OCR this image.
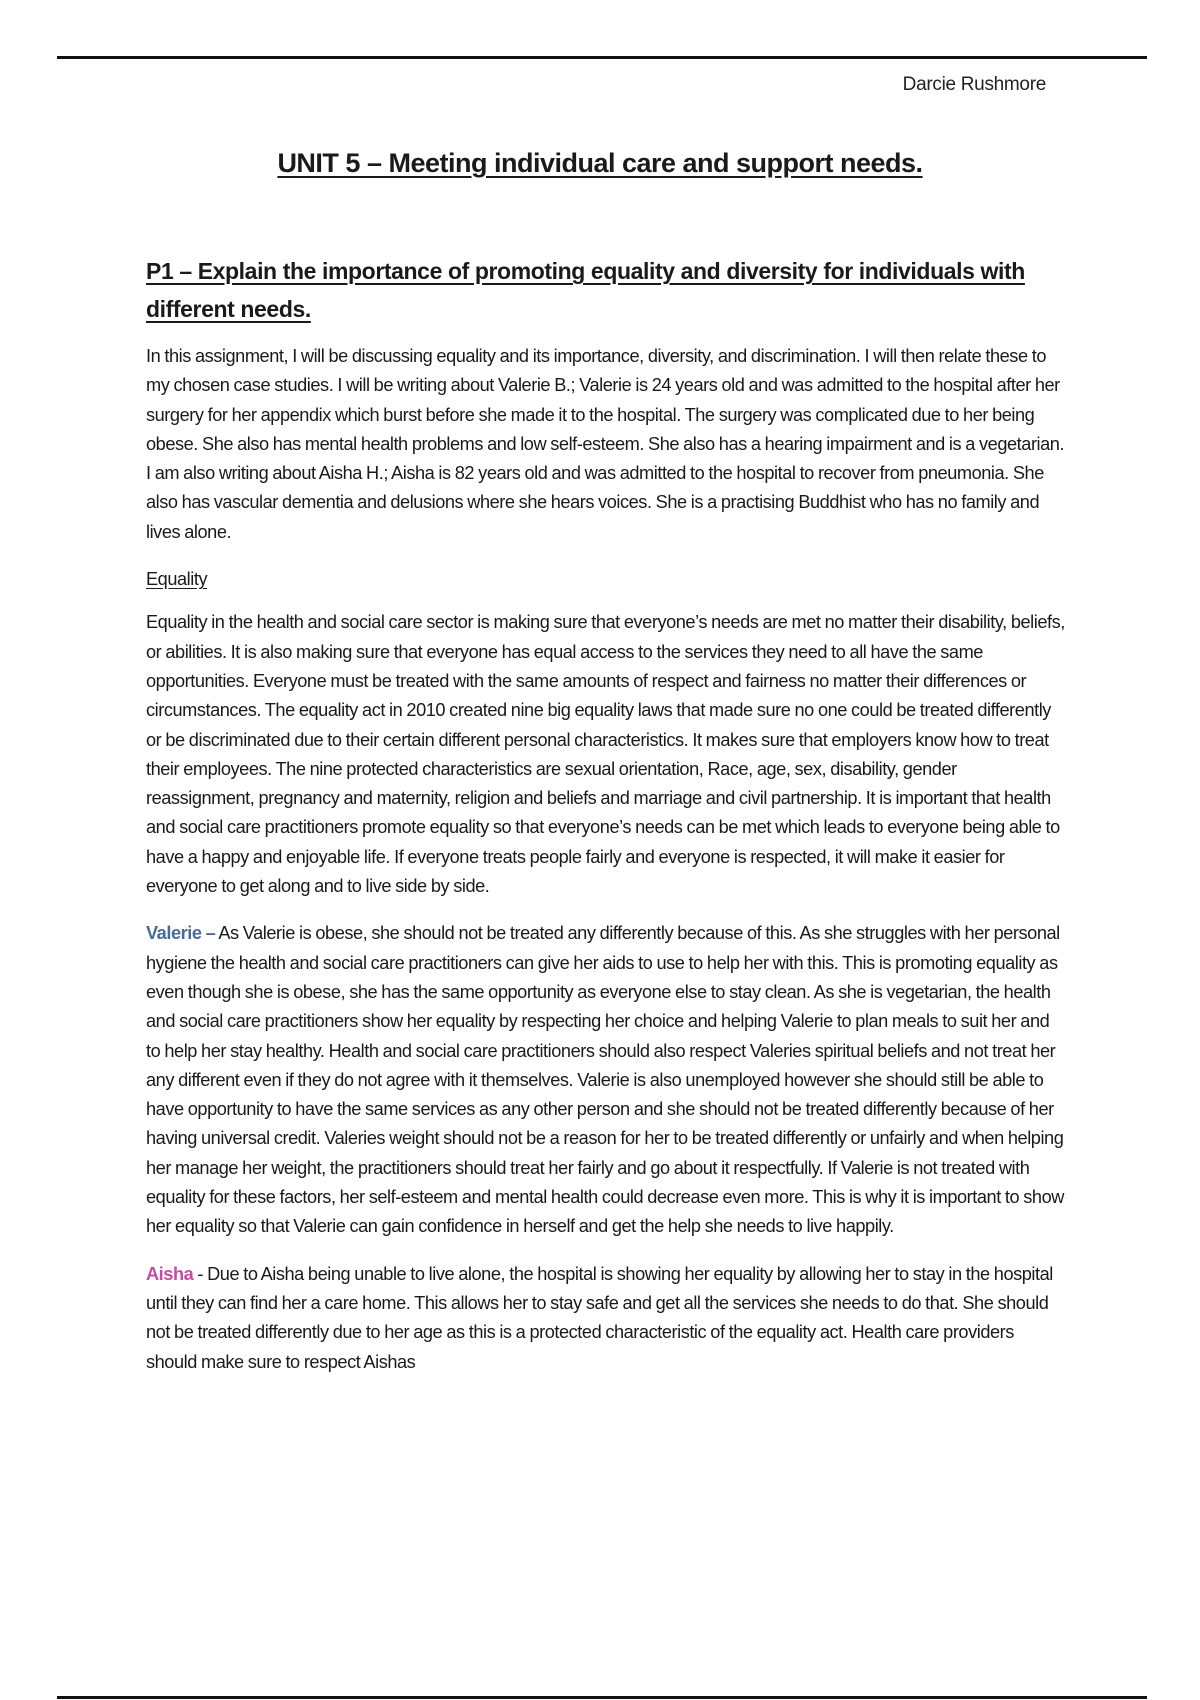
Darcie Rushmore
UNIT 5 – Meeting individual care and support needs.
P1 – Explain the importance of promoting equality and diversity for individuals with different needs.

In this assignment, I will be discussing equality and its importance, diversity, and discrimination. I will then relate these to my chosen case studies. I will be writing about Valerie B.; Valerie is 24 years old and was admitted to the hospital after her surgery for her appendix which burst before she made it to the hospital. The surgery was complicated due to her being obese. She also has mental health problems and low self-esteem. She also has a hearing impairment and is a vegetarian. I am also writing about Aisha H.; Aisha is 82 years old and was admitted to the hospital to recover from pneumonia. She also has vascular dementia and delusions where she hears voices. She is a practising Buddhist who has no family and lives alone.

Equality

Equality in the health and social care sector is making sure that everyone’s needs are met no matter their disability, beliefs, or abilities. It is also making sure that everyone has equal access to the services they need to all have the same opportunities. Everyone must be treated with the same amounts of respect and fairness no matter their differences or circumstances. The equality act in 2010 created nine big equality laws that made sure no one could be treated differently or be discriminated due to their certain different personal characteristics. It makes sure that employers know how to treat their employees. The nine protected characteristics are sexual orientation, Race, age, sex, disability, gender reassignment, pregnancy and maternity, religion and beliefs and marriage and civil partnership. It is important that health and social care practitioners promote equality so that everyone’s needs can be met which leads to everyone being able to have a happy and enjoyable life. If everyone treats people fairly and everyone is respected, it will make it easier for everyone to get along and to live side by side.

Valerie – As Valerie is obese, she should not be treated any differently because of this. As she struggles with her personal hygiene the health and social care practitioners can give her aids to use to help her with this. This is promoting equality as even though she is obese, she has the same opportunity as everyone else to stay clean. As she is vegetarian, the health and social care practitioners show her equality by respecting her choice and helping Valerie to plan meals to suit her and to help her stay healthy. Health and social care practitioners should also respect Valeries spiritual beliefs and not treat her any different even if they do not agree with it themselves. Valerie is also unemployed however she should still be able to have opportunity to have the same services as any other person and she should not be treated differently because of her having universal credit. Valeries weight should not be a reason for her to be treated differently or unfairly and when helping her manage her weight, the practitioners should treat her fairly and go about it respectfully. If Valerie is not treated with equality for these factors, her self-esteem and mental health could decrease even more. This is why it is important to show her equality so that Valerie can gain confidence in herself and get the help she needs to live happily.

Aisha - Due to Aisha being unable to live alone, the hospital is showing her equality by allowing her to stay in the hospital until they can find her a care home. This allows her to stay safe and get all the services she needs to do that. She should not be treated differently due to her age as this is a protected characteristic of the equality act. Health care providers should make sure to respect Aishas
